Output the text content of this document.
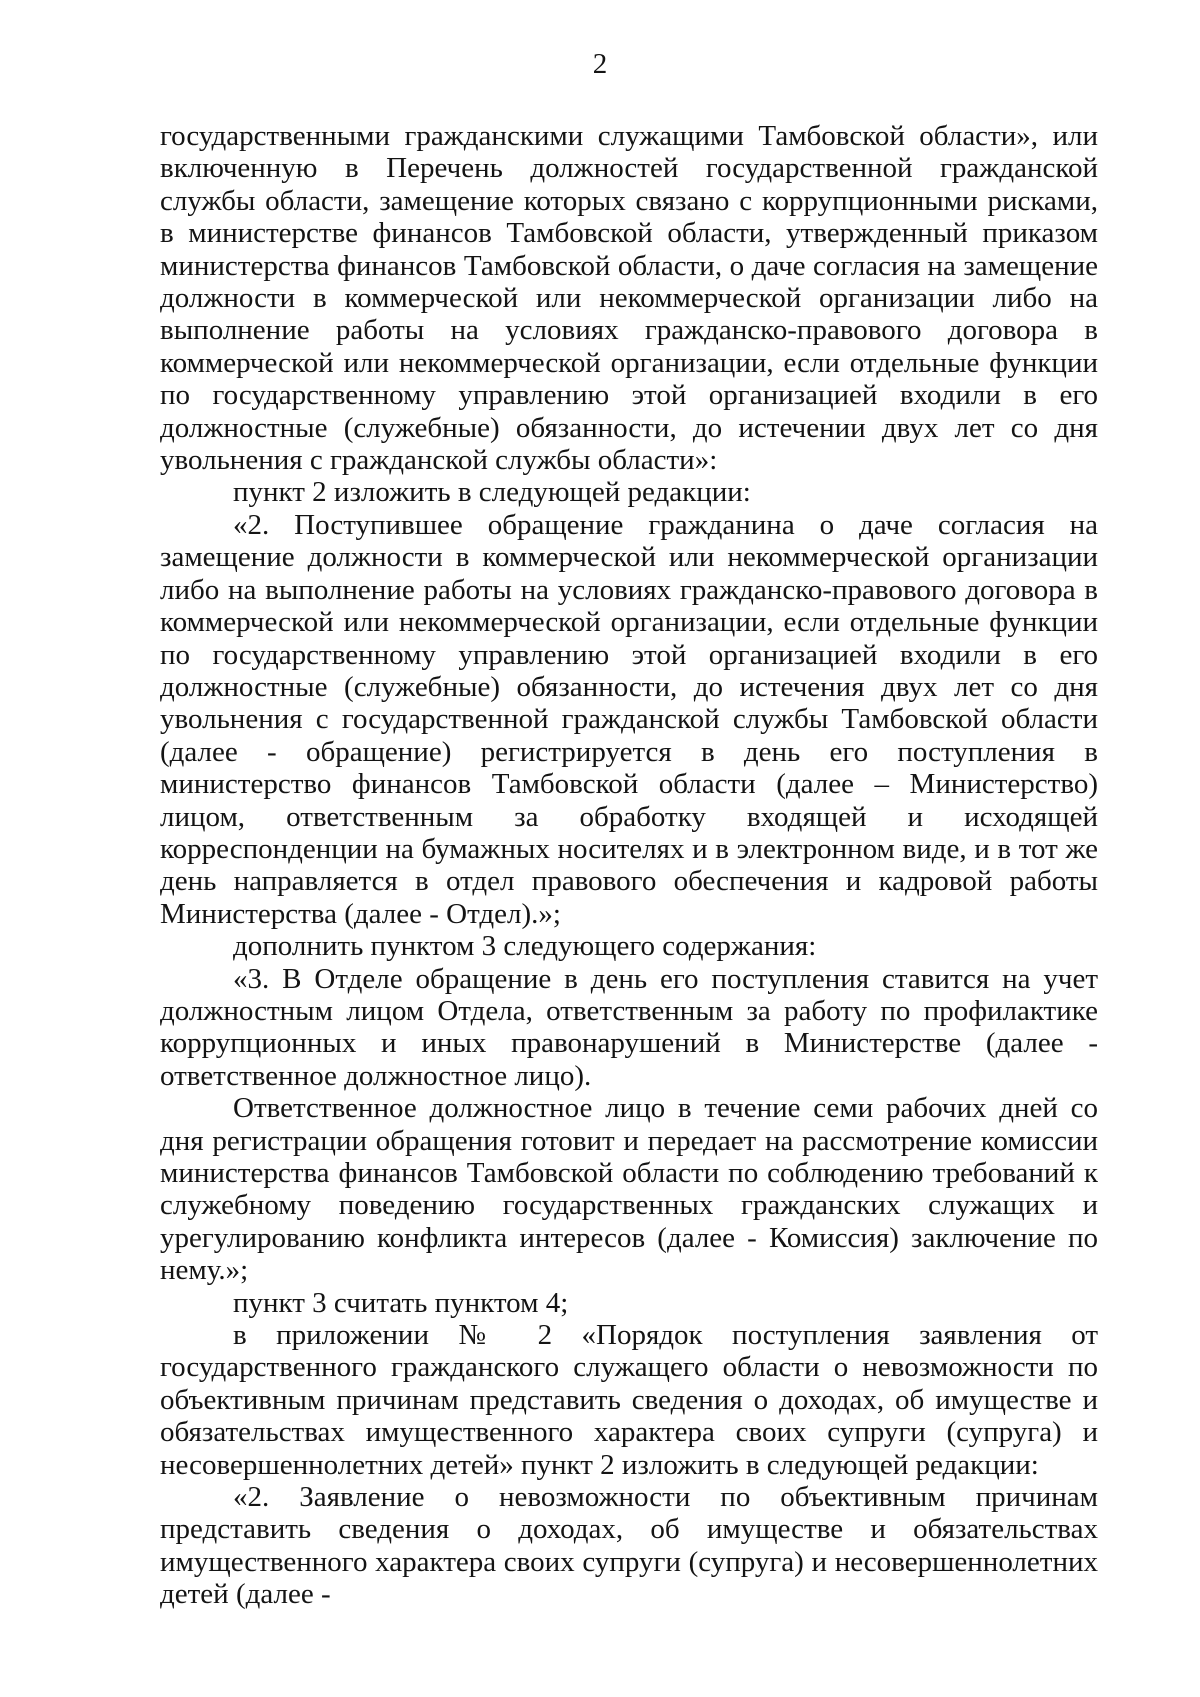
2

государственными гражданскими служащими Тамбовской области», или включенную в Перечень должностей государственной гражданской службы области, замещение которых связано с коррупционными рисками, в министерстве финансов Тамбовской области, утвержденный приказом министерства финансов Тамбовской области, о даче согласия на замещение должности в коммерческой или некоммерческой организации либо на выполнение работы на условиях гражданско-правового договора в коммерческой или некоммерческой организации, если отдельные функции по государственному управлению этой организацией входили в его должностные (служебные) обязанности, до истечении двух лет со дня увольнения с гражданской службы области»:

пункт 2 изложить в следующей редакции:

«2. Поступившее обращение гражданина о даче согласия на замещение должности в коммерческой или некоммерческой организации либо на выполнение работы на условиях гражданско-правового договора в коммерческой или некоммерческой организации, если отдельные функции по государственному управлению этой организацией входили в его должностные (служебные) обязанности, до истечения двух лет со дня увольнения с государственной гражданской службы Тамбовской области (далее - обращение) регистрируется в день его поступления в министерство финансов Тамбовской области (далее – Министерство) лицом, ответственным за обработку входящей и исходящей корреспонденции на бумажных носителях и в электронном виде, и в тот же день направляется в отдел правового обеспечения и кадровой работы Министерства (далее - Отдел).»;

дополнить пунктом 3 следующего содержания:

«3. В Отделе обращение в день его поступления ставится на учет должностным лицом Отдела, ответственным за работу по профилактике коррупционных и иных правонарушений в Министерстве (далее - ответственное должностное лицо).

Ответственное должностное лицо в течение семи рабочих дней со дня регистрации обращения готовит и передает на рассмотрение комиссии министерства финансов Тамбовской области по соблюдению требований к служебному поведению государственных гражданских служащих и урегулированию конфликта интересов (далее - Комиссия) заключение по нему.»;

пункт 3 считать пунктом 4;

в приложении № 2 «Порядок поступления заявления от государственного гражданского служащего области о невозможности по объективным причинам представить сведения о доходах, об имуществе и обязательствах имущественного характера своих супруги (супруга) и несовершеннолетних детей» пункт 2 изложить в следующей редакции:

«2. Заявление о невозможности по объективным причинам представить сведения о доходах, об имуществе и обязательствах имущественного характера своих супруги (супруга) и несовершеннолетних детей (далее -
